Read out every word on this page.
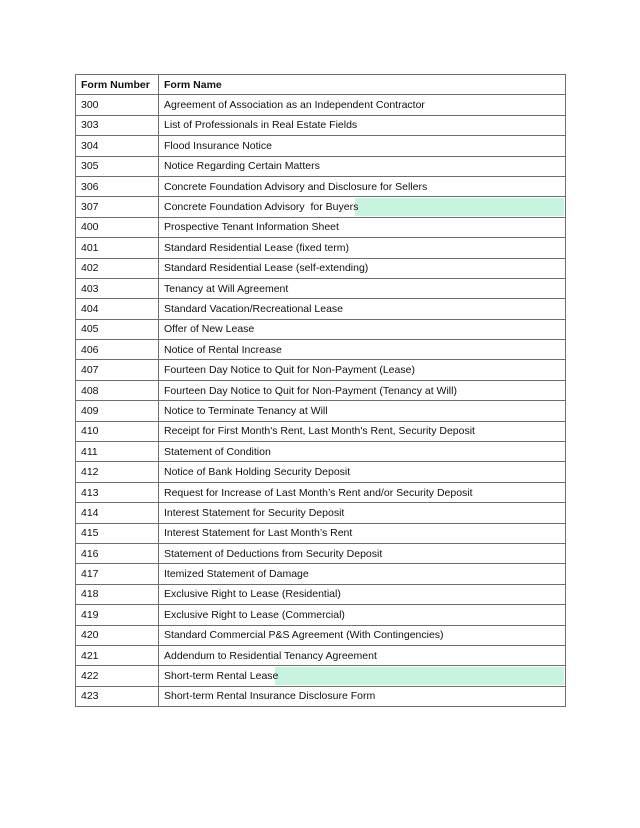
Form Number	Form Name
300	Agreement of Association as an Independent Contractor
303	List of Professionals in Real Estate Fields
304	Flood Insurance Notice
305	Notice Regarding Certain Matters
306	Concrete Foundation Advisory and Disclosure for Sellers
307	Concrete Foundation Advisory  for Buyers
400	Prospective Tenant Information Sheet
401	Standard Residential Lease (fixed term)
402	Standard Residential Lease (self-extending)
403	Tenancy at Will Agreement
404	Standard Vacation/Recreational Lease
405	Offer of New Lease
406	Notice of Rental Increase
407	Fourteen Day Notice to Quit for Non-Payment (Lease)
408	Fourteen Day Notice to Quit for Non-Payment (Tenancy at Will)
409	Notice to Terminate Tenancy at Will
410	Receipt for First Month's Rent, Last Month's Rent, Security Deposit
411	Statement of Condition
412	Notice of Bank Holding Security Deposit
413	Request for Increase of Last Month’s Rent and/or Security Deposit
414	Interest Statement for Security Deposit
415	Interest Statement for Last Month’s Rent
416	Statement of Deductions from Security Deposit
417	Itemized Statement of Damage
418	Exclusive Right to Lease (Residential)
419	Exclusive Right to Lease (Commercial)
420	Standard Commercial P&S Agreement (With Contingencies)
421	Addendum to Residential Tenancy Agreement
422	Short-term Rental Lease
423	Short-term Rental Insurance Disclosure Form
